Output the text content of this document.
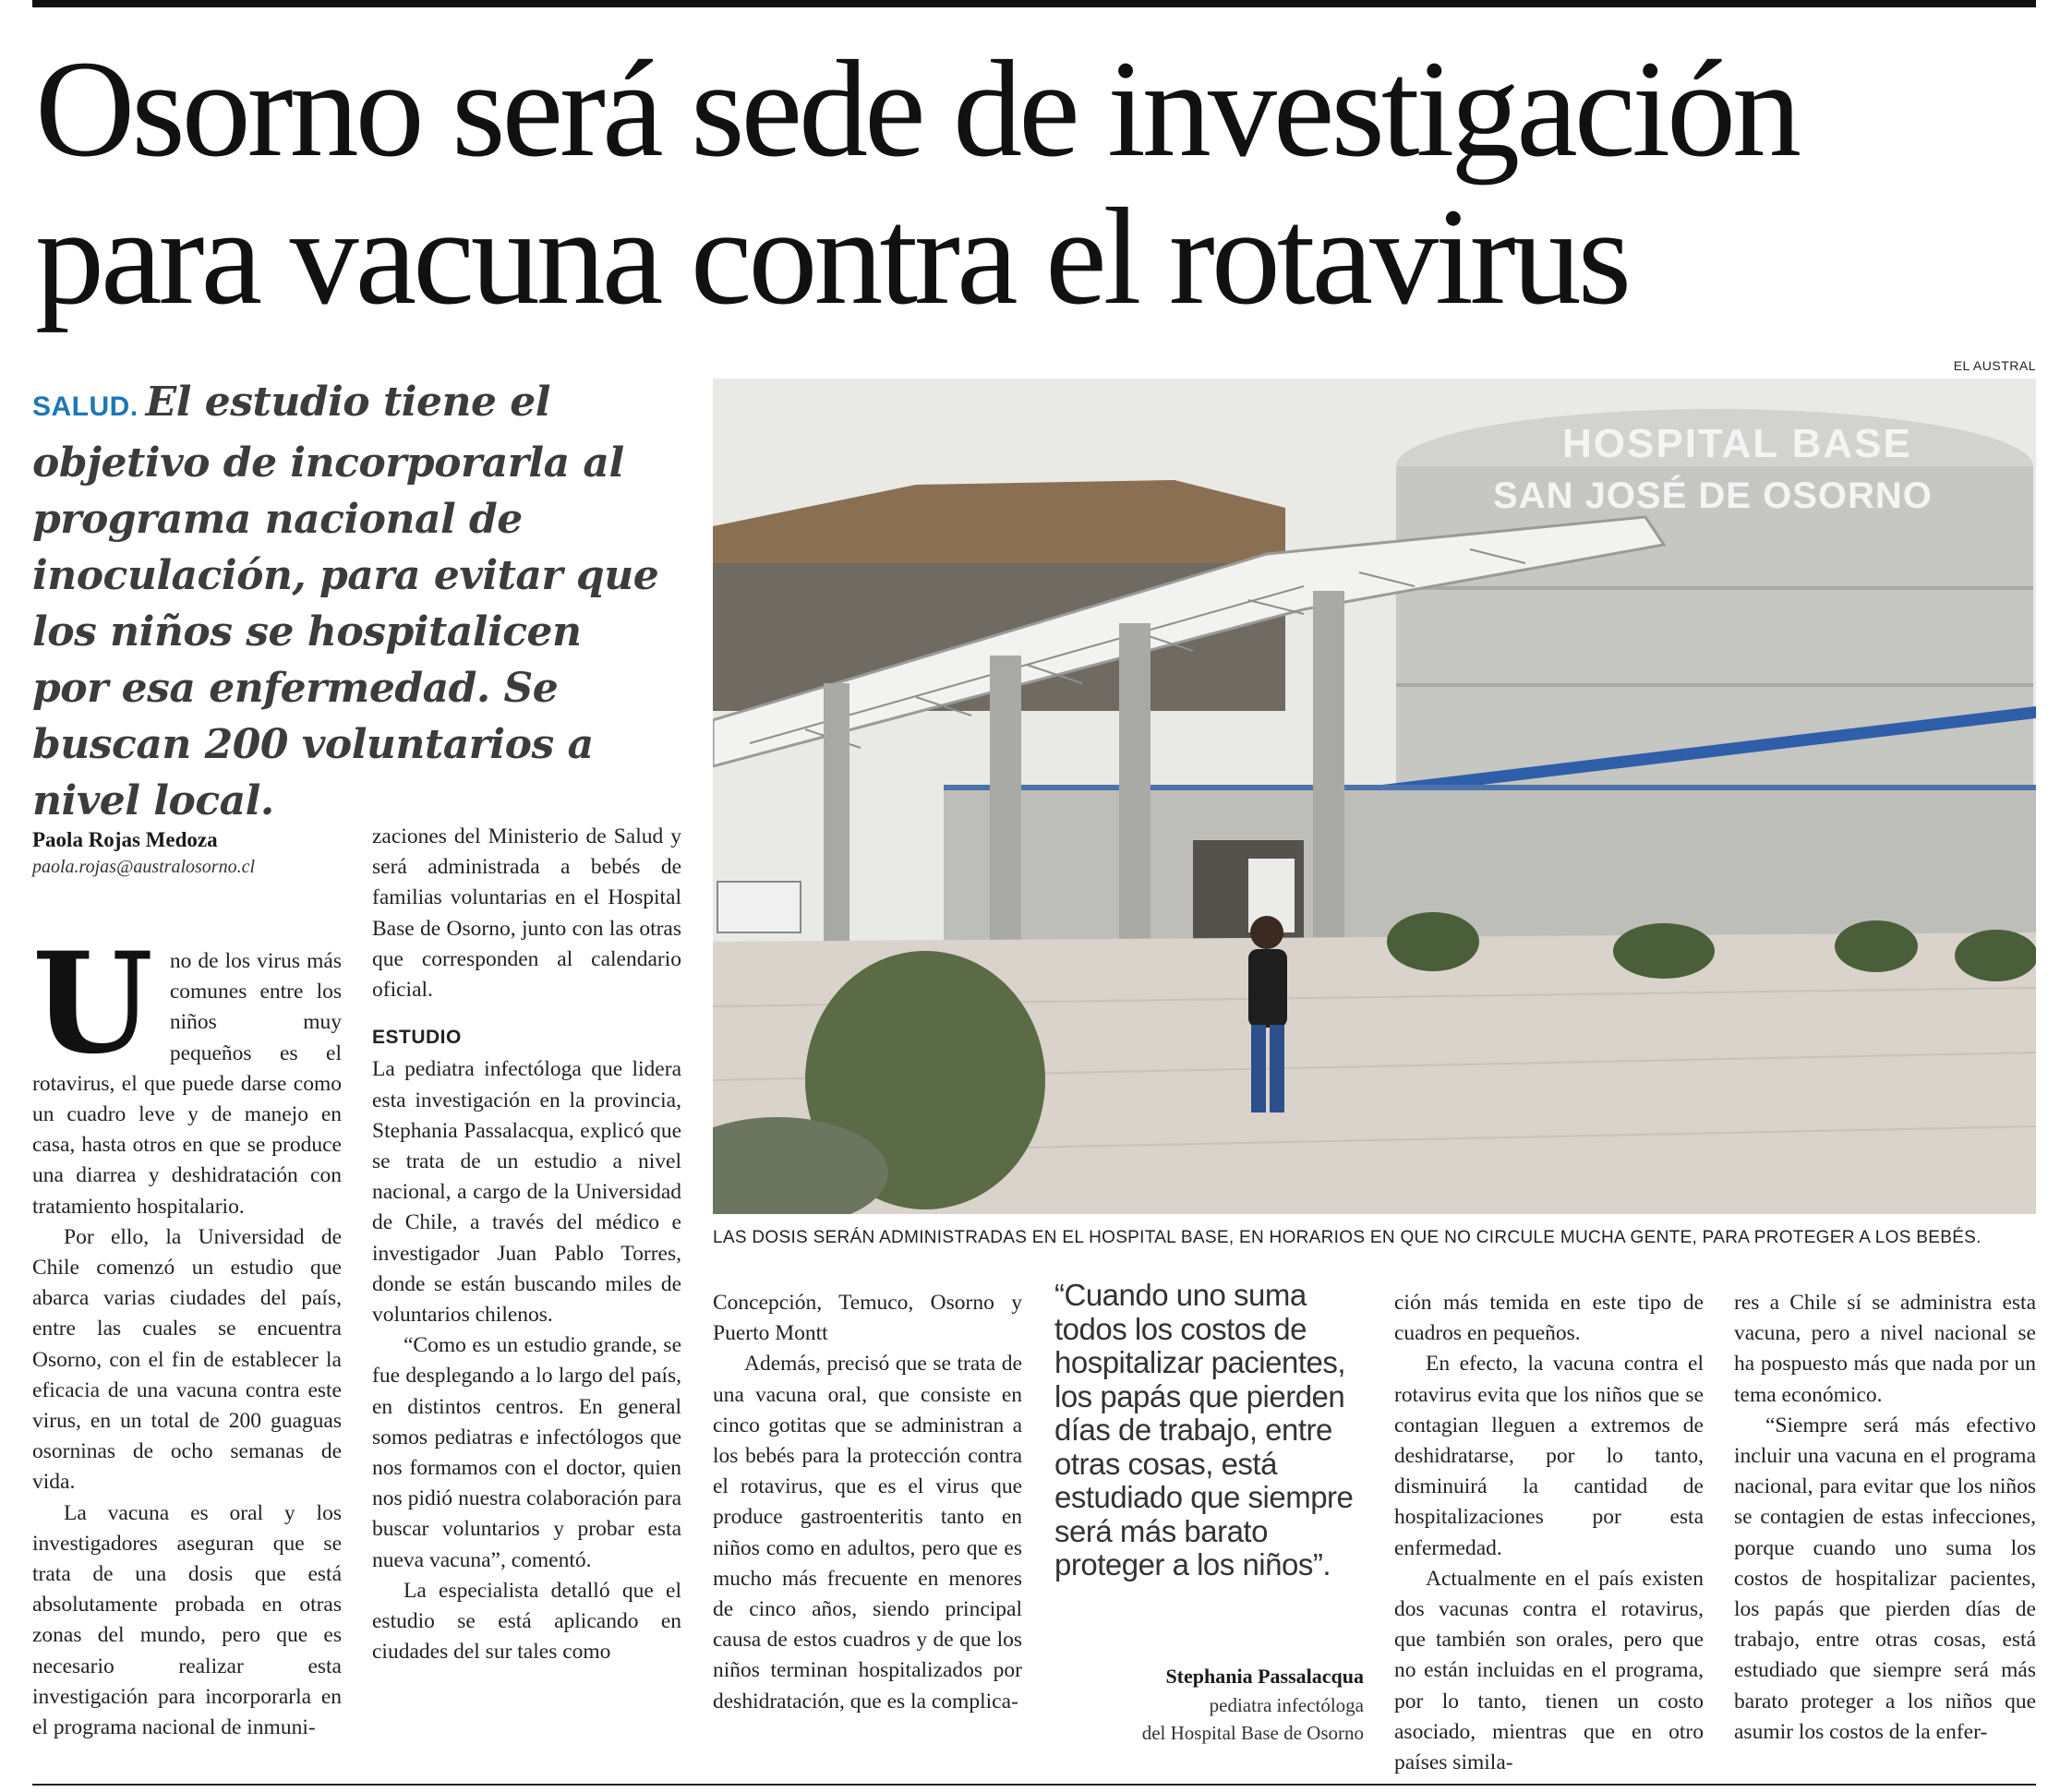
Osorno será sede de investigación
para vacuna contra el rotavirus
SALUD. El estudio tiene el objetivo de incorporarla al programa nacional de inoculación, para evitar que los niños se hospitalicen por esa enfermedad. Se buscan 200 voluntarios a nivel local.
EL AUSTRAL
HOSPITAL BASE
SAN JOSÉ DE OSORNO
LAS DOSIS SERÁN ADMINISTRADAS EN EL HOSPITAL BASE, EN HORARIOS EN QUE NO CIRCULE MUCHA GENTE, PARA PROTEGER A LOS BEBÉS.
Paola Rojas Medoza
paola.rojas@australosorno.cl
U no de los virus más comunes entre los niños muy pequeños es el rotavirus, el que puede darse como un cuadro leve y de manejo en casa, hasta otros en que se produce una diarrea y deshidratación con tratamiento hospitalario.

Por ello, la Universidad de Chile comenzó un estudio que abarca varias ciudades del país, entre las cuales se encuentra Osorno, con el fin de establecer la eficacia de una vacuna contra este virus, en un total de 200 guaguas osorninas de ocho semanas de vida.

La vacuna es oral y los investigadores aseguran que se trata de una dosis que está absolutamente probada en otras zonas del mundo, pero que es necesario realizar esta investigación para incorporarla en el programa nacional de inmuni-

zaciones del Ministerio de Salud y será administrada a bebés de familias voluntarias en el Hospital Base de Osorno, junto con las otras que corresponden al calendario oficial.

ESTUDIO

La pediatra infectóloga que lidera esta investigación en la provincia, Stephania Passalacqua, explicó que se trata de un estudio a nivel nacional, a cargo de la Universidad de Chile, a través del médico e investigador Juan Pablo Torres, donde se están buscando miles de voluntarios chilenos.

“Como es un estudio grande, se fue desplegando a lo largo del país, en distintos centros. En general somos pediatras e infectólogos que nos formamos con el doctor, quien nos pidió nuestra colaboración para buscar voluntarios y probar esta nueva vacuna”, comentó.

La especialista detalló que el estudio se está aplicando en ciudades del sur tales como

Concepción, Temuco, Osorno y Puerto Montt

Además, precisó que se trata de una vacuna oral, que consiste en cinco gotitas que se administran a los bebés para la protección contra el rotavirus, que es el virus que produce gastroenteritis tanto en niños como en adultos, pero que es mucho más frecuente en menores de cinco años, siendo principal causa de estos cuadros y de que los niños terminan hospitalizados por deshidratación, que es la complica-

“Cuando uno suma todos los costos de hospitalizar pacientes, los papás que pierden días de trabajo, entre otras cosas, está estudiado que siempre será más barato proteger a los niños”.
Stephania Passalacqua
pediatra infectóloga
del Hospital Base de Osorno

ción más temida en este tipo de cuadros en pequeños.

En efecto, la vacuna contra el rotavirus evita que los niños que se contagian lleguen a extremos de deshidratarse, por lo tanto, disminuirá la cantidad de hospitalizaciones por esta enfermedad.

Actualmente en el país existen dos vacunas contra el rotavirus, que también son orales, pero que no están incluidas en el programa, por lo tanto, tienen un costo asociado, mientras que en otro países simila-

res a Chile sí se administra esta vacuna, pero a nivel nacional se ha pospuesto más que nada por un tema económico.

“Siempre será más efectivo incluir una vacuna en el programa nacional, para evitar que los niños se contagien de estas infecciones, porque cuando uno suma los costos de hospitalizar pacientes, los papás que pierden días de trabajo, entre otras cosas, está estudiado que siempre será más barato proteger a los niños que asumir los costos de la enfer-
